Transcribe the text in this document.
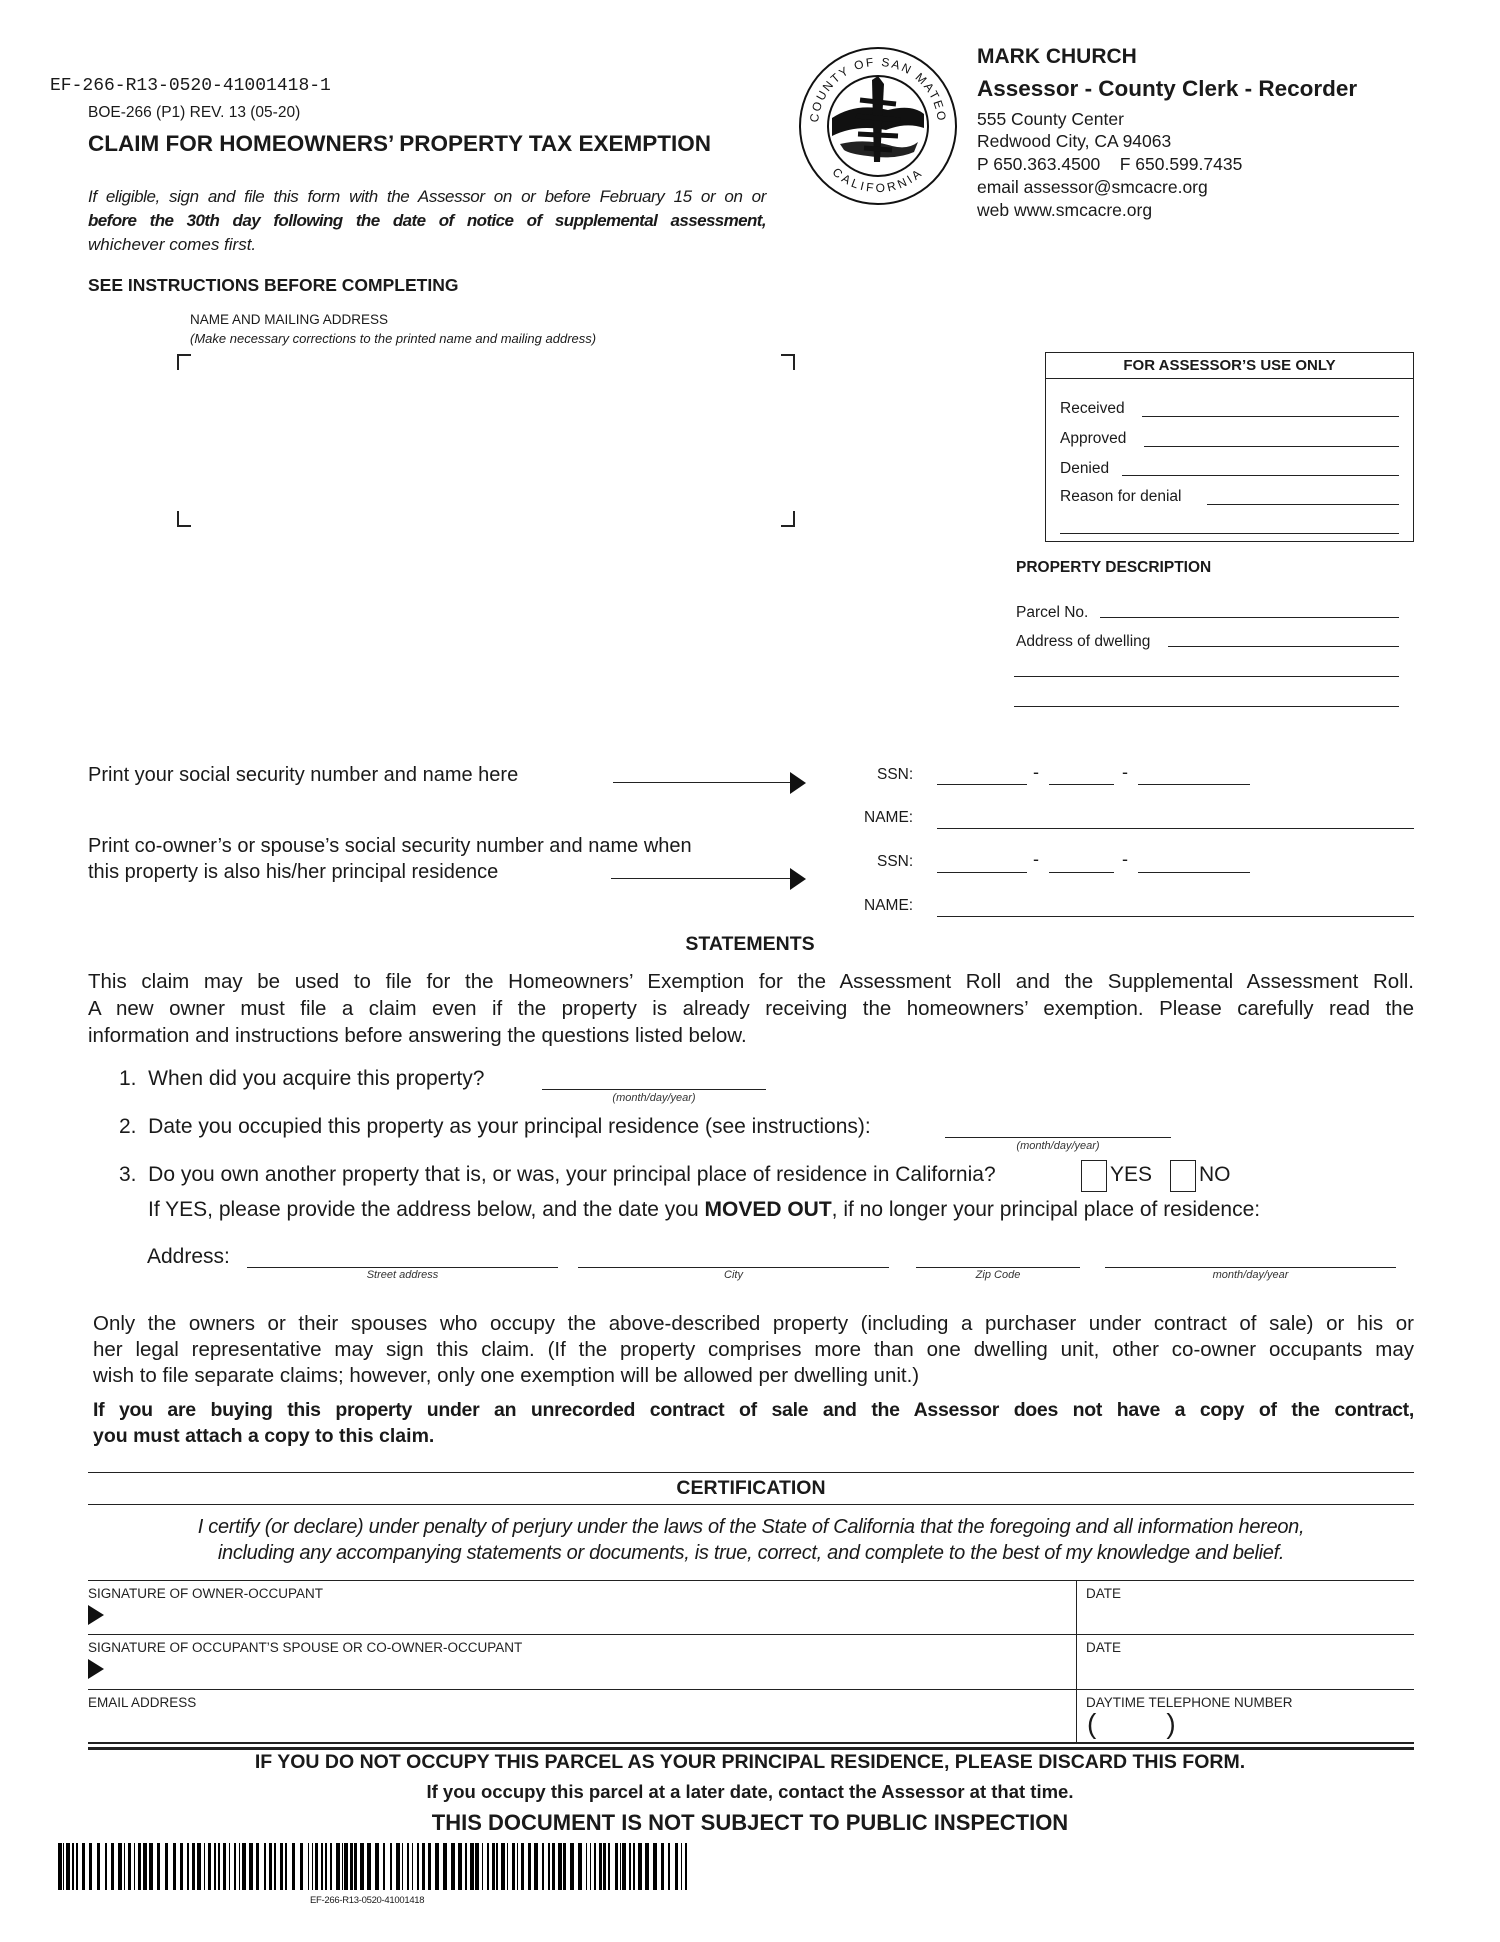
EF-266-R13-0520-41001418-1
BOE-266 (P1) REV. 13 (05-20)
CLAIM FOR HOMEOWNERS’ PROPERTY TAX EXEMPTION
If eligible, sign and file this form with the Assessor on or before February 15 or on or
before the 30th day following the date of notice of supplemental assessment,
whichever comes first.
SEE INSTRUCTIONS BEFORE COMPLETING
COUNTY OF SAN MATEO
CALIFORNIA
MARK CHURCH
Assessor - County Clerk - Recorder
555 County Center
Redwood City, CA 94063
P 650.363.4500    F 650.599.7435
email assessor@smcacre.org
web www.smcacre.org
NAME AND MAILING ADDRESS
(Make necessary corrections to the printed name and mailing address)
FOR ASSESSOR’S USE ONLY
Received
Approved
Denied
Reason for denial
PROPERTY DESCRIPTION
Parcel No.
Address of dwelling
Print your social security number and name here	SSN:	-	-
NAME:
Print co-owner’s or spouse’s social security number and name when
this property is also his/her principal residence	SSN:	-	-
NAME:
STATEMENTS
This claim may be used to file for the Homeowners’ Exemption for the Assessment Roll and the Supplemental Assessment Roll.
A new owner must file a claim even if the property is already receiving the homeowners’ exemption. Please carefully read the
information and instructions before answering the questions listed below.
1.  When did you acquire this property?
(month/day/year)
2.  Date you occupied this property as your principal residence (see instructions):
(month/day/year)
3.  Do you own another property that is, or was, your principal place of residence in California?	YES NO
If YES, please provide the address below, and the date you MOVED OUT, if no longer your principal place of residence:
Address:
Street address	City	Zip Code	month/day/year
Only the owners or their spouses who occupy the above-described property (including a purchaser under contract of sale) or his or
her legal representative may sign this claim. (If the property comprises more than one dwelling unit, other co-owner occupants may
wish to file separate claims; however, only one exemption will be allowed per dwelling unit.)
If you are buying this property under an unrecorded contract of sale and the Assessor does not have a copy of the contract,
you must attach a copy to this claim.
CERTIFICATION
I certify (or declare) under penalty of perjury under the laws of the State of California that the foregoing and all information hereon,
including any accompanying statements or documents, is true, correct, and complete to the best of my knowledge and belief.
SIGNATURE OF OWNER-OCCUPANT	DATE
SIGNATURE OF OCCUPANT’S SPOUSE OR CO-OWNER-OCCUPANT	DATE
EMAIL ADDRESS	DAYTIME TELEPHONE NUMBER
(         )
IF YOU DO NOT OCCUPY THIS PARCEL AS YOUR PRINCIPAL RESIDENCE, PLEASE DISCARD THIS FORM.
If you occupy this parcel at a later date, contact the Assessor at that time.
THIS DOCUMENT IS NOT SUBJECT TO PUBLIC INSPECTION
EF-266-R13-0520-41001418
